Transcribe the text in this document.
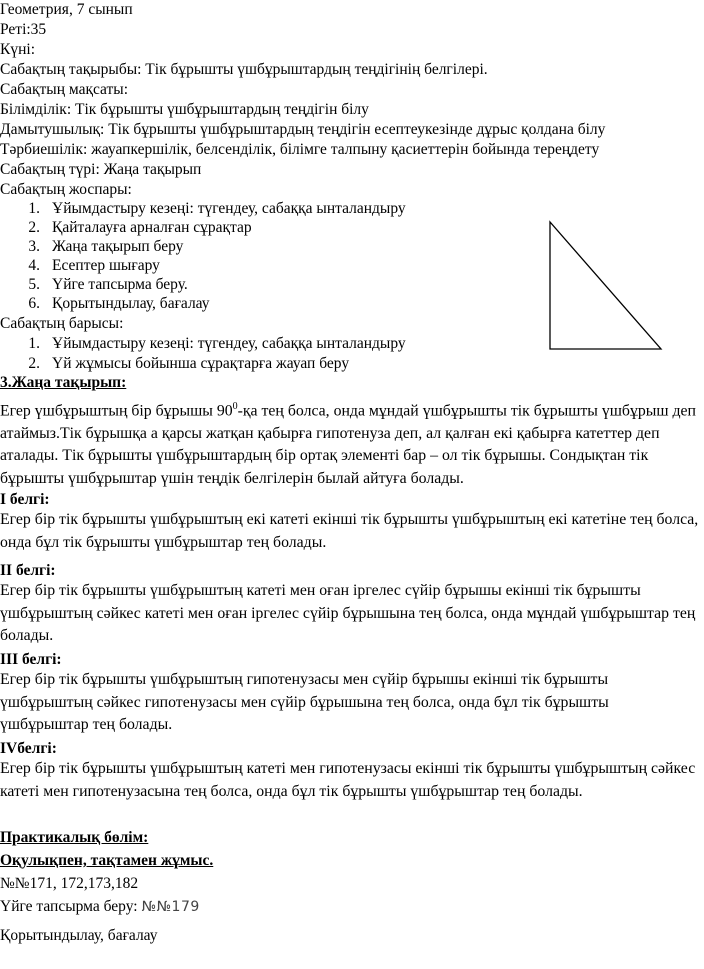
Геометрия, 7 сынып
Реті:35
Күні:
Сабақтың тақырыбы: Тік бұрышты үшбұрыштардың теңдігінің белгілері.
Сабақтың мақсаты:
Білімділік: Тік бұрышты үшбұрыштардың теңдігін білу
Дамытушылық: Тік бұрышты үшбұрыштардың теңдігін есептеукезінде дұрыс қолдана білу
Тәрбиешілік: жауапкершілік, белсенділік, білімге талпыну қасиеттерін бойында тереңдету
Сабақтың түрі: Жаңа тақырып
Сабақтың жоспары:
1. Ұйымдастыру кезеңі: түгендеу, сабаққа ынталандыру
2. Қайталауға арналған сұрақтар
3. Жаңа тақырып беру
4. Есептер шығару
5. Үйге тапсырма беру.
6. Қорытындылау, бағалау
Сабақтың барысы:
1. Ұйымдастыру кезеңі: түгендеу, сабаққа ынталандыру
2. Үй жұмысы бойынша сұрақтарға жауап беру
3.Жаңа тақырып:
Егер үшбұрыштың бір бұрышы $90^0-қа$ тең болса, онда мұндай үшбұрышты тік бұрышты үшбұрыш деп атаймыз.Тік бұрышқа а қарсы жатқан қабырға гипотенуза деп, ал қалған екі қабырға катеттер деп аталады. Тік бұрышты үшбұрыштардың бір ортақ элементі бар – ол тік бұрышы. Сондықтан тік бұрышты үшбұрыштар үшін теңдік белгілерін былай айтуға болады.
I белгі:
Егер бір тік бұрышты үшбұрыштың екі катеті екінші тік бұрышты үшбұрыштың екі катетіне тең болса, онда бұл тік бұрышты үшбұрыштар тең болады.
II белгі:
Егер бір тік бұрышты үшбұрыштың катеті мен оған іргелес сүйір бұрышы екінші тік бұрышты үшбұрыштың сәйкес катеті мен оған іргелес сүйір бұрышына тең болса, онда мұндай үшбұрыштар тең болады.
III белгі:
Егер бір тік бұрышты үшбұрыштың гипотенузасы мен сүйір бұрышы екінші тік бұрышты үшбұрыштың сәйкес гипотенузасы мен сүйір бұрышына тең болса, онда бұл тік бұрышты үшбұрыштар тең болады.
IVбелгі:
Егер бір тік бұрышты үшбұрыштың катеті мен гипотенузасы екінші тік бұрышты үшбұрыштың сәйкес катеті мен гипотенузасына тең болса, онда бұл тік бұрышты үшбұрыштар тең болады.
Практикалық бөлім:
Оқулықпен, тақтамен жұмыс.
№№171, 172,173,182
Үйге тапсырма беру: №№179
Қорытындылау, бағалау
